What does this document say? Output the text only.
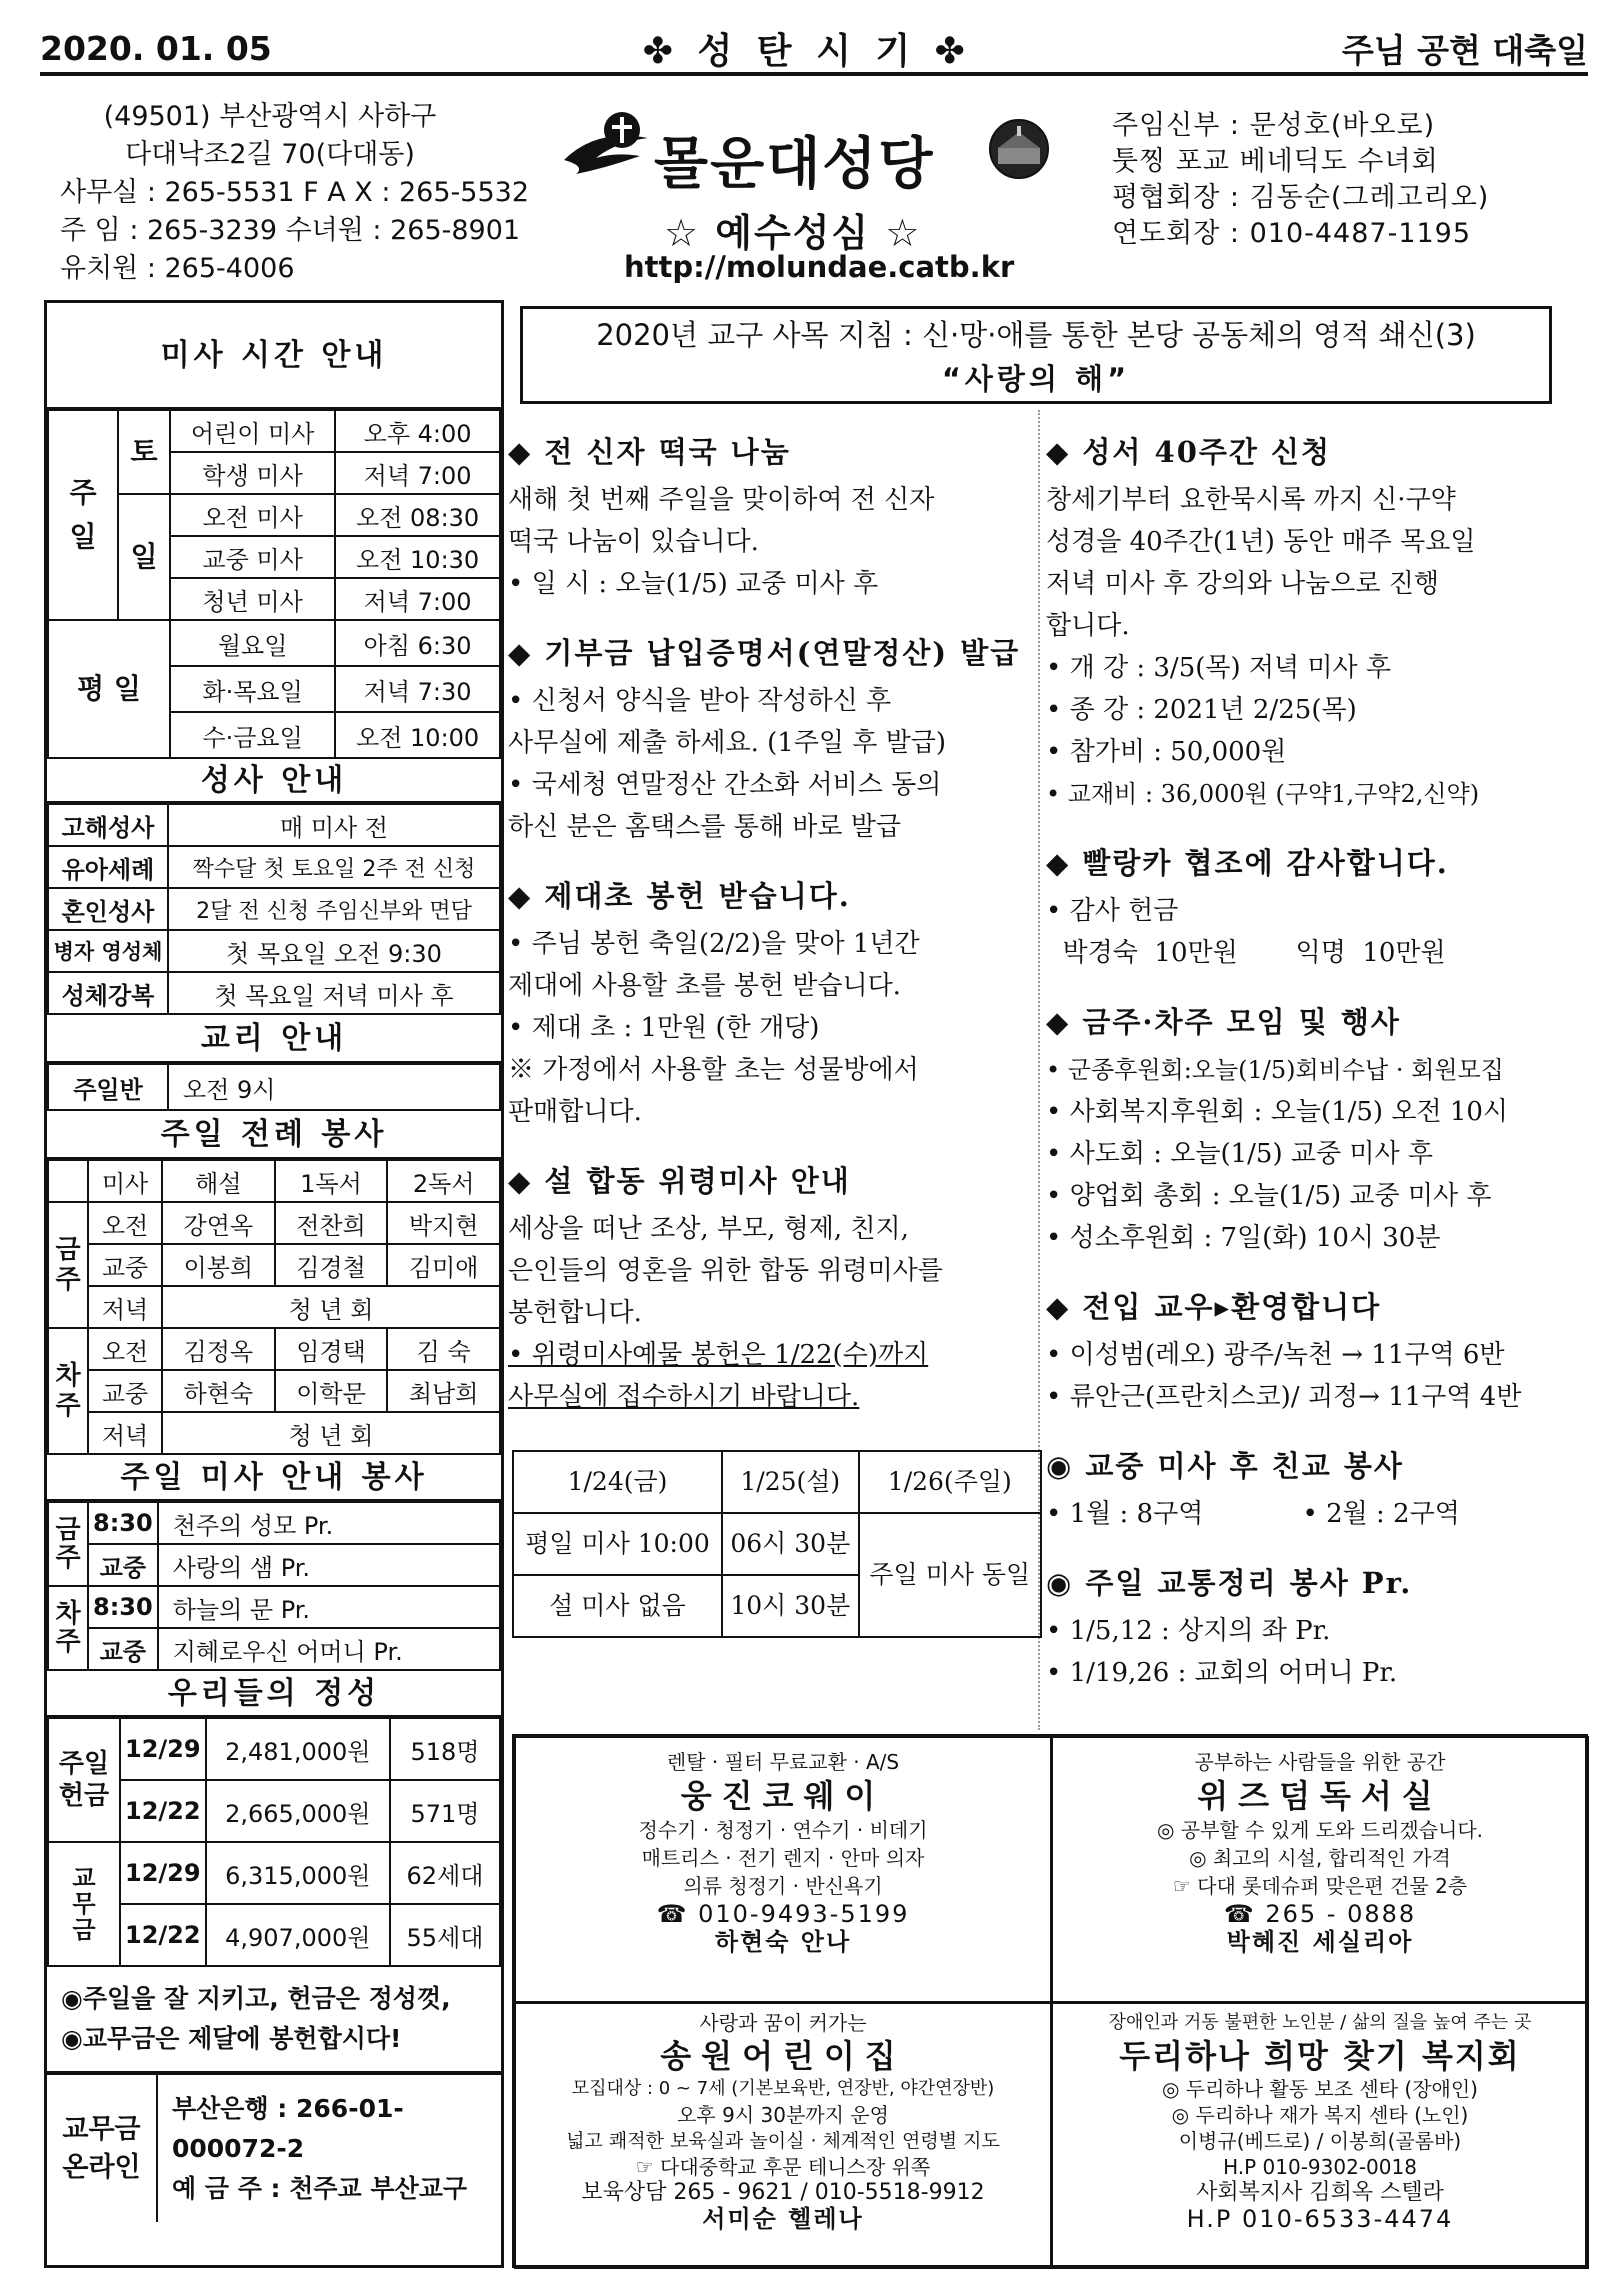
2020. 01. 05	✤ 성 탄 시 기 ✤	주님 공현 대축일
(49501) 부산광역시 사하구
다대낙조2길 70(다대동)
사무실 : 265-5531 F A X : 265-5532
주 임 : 265-3239 수녀원 : 265-8901
유치원 : 265-4006
몰운대성당
☆ 예수성심 ☆
http://molundae.catb.kr
주임신부 : 문성호(바오로)
툿찡 포교 베네딕도 수녀회
평협회장 : 김동순(그레고리오)
연도회장 : 010-4487-1195
미사 시간 안내
주 일	토	어린이 미사	오후 4:00
		학생 미사	저녁 7:00
	일	오전 미사	오전 08:30
		교중 미사	오전 10:30
		청년 미사	저녁 7:00
평 일		월요일	아침 6:30
		화·목요일	저녁 7:30
		수·금요일	오전 10:00
성사 안내
고해성사	매 미사 전
유아세례	짝수달 첫 토요일 2주 전 신청
혼인성사	2달 전 신청 주임신부와 면담
병자 영성체	첫 목요일 오전 9:30
성체강복	첫 목요일 저녁 미사 후
교리 안내
주일반	오전 9시
주일 전례 봉사
	미사	해설	1독서	2독서
금주	오전	강연옥	전찬희	박지현
	교중	이봉희	김경철	김미애
	저녁	청 년 회		
차주	오전	김정옥	임경택	김 숙
	교중	하현숙	이학문	최남희
	저녁	청 년 회		
주일 미사 안내 봉사
금주	8:30	천주의 성모 Pr.
	교중	사랑의 샘 Pr.
차주	8:30	하늘의 문 Pr.
	교중	지혜로우신 어머니 Pr.
우리들의 정성
주일
헌금	12/29	2,481,000원	518명
	12/22	2,665,000원	571명
교
무
금	12/29	6,315,000원	62세대
	12/22	4,907,000원	55세대
◉주일을 잘 지키고, 헌금은 정성껏,
◉교무금은 제달에 봉헌합시다!
교무금
온라인	
부산은행 : 266-01-000072-2
예 금 주 : 천주교 부산교구
2020년 교구 사목 지침 : 신·망·애를 통한 본당 공동체의 영적 쇄신(3)
“사랑의 해”
◆ 전 신자 떡국 나눔
새해 첫 번째 주일을 맞이하여 전 신자
떡국 나눔이 있습니다.
• 일 시 : 오늘(1/5) 교중 미사 후
◆ 기부금 납입증명서(연말정산) 발급
• 신청서 양식을 받아 작성하신 후
사무실에 제출 하세요. (1주일 후 발급)
• 국세청 연말정산 간소화 서비스 동의
하신 분은 홈택스를 통해 바로 발급
◆ 제대초 봉헌 받습니다.
• 주님 봉헌 축일(2/2)을 맞아 1년간
제대에 사용할 초를 봉헌 받습니다.
• 제대 초 : 1만원 (한 개당)
※ 가정에서 사용할 초는 성물방에서
판매합니다.
◆ 설 합동 위령미사 안내
세상을 떠난 조상, 부모, 형제, 친지,
은인들의 영혼을 위한 합동 위령미사를
봉헌합니다.
• 위령미사예물 봉헌은 1/22(수)까지
사무실에 접수하시기 바랍니다.
1/24(금)	1/25(설)	1/26(주일)
평일 미사 10:00	06시 30분	주일 미사 동일
설 미사 없음	10시 30분	
◆ 성서 40주간 신청
창세기부터 요한묵시록 까지 신·구약
성경을 40주간(1년) 동안 매주 목요일
저녁 미사 후 강의와 나눔으로 진행
합니다.
• 개 강 : 3/5(목) 저녁 미사 후
• 종 강 : 2021년 2/25(목)
• 참가비 : 50,000원
• 교재비 : 36,000원 (구약1,구약2,신약)
◆ 빨랑카 협조에 감사합니다.
• 감사 헌금
박경숙  10만원       익명  10만원
◆ 금주·차주 모임 및 행사
• 군종후원회:오늘(1/5)회비수납 · 회원모집
• 사회복지후원회 : 오늘(1/5) 오전 10시
• 사도회 : 오늘(1/5) 교중 미사 후
• 양업회 총회 : 오늘(1/5) 교중 미사 후
• 성소후원회 : 7일(화) 10시 30분
◆ 전입 교우▸환영합니다
• 이성범(레오) 광주/녹천 → 11구역 6반
• 류안근(프란치스코)/ 괴정→ 11구역 4반
◉ 교중 미사 후 친교 봉사
• 1월 : 8구역            • 2월 : 2구역
◉ 주일 교통정리 봉사 Pr.
• 1/5,12 : 상지의 좌 Pr.
• 1/19,26 : 교회의 어머니 Pr.
렌탈 · 필터 무료교환 · A/S
웅진코웨이
정수기 · 청정기 · 연수기 · 비데기
매트리스 · 전기 렌지 · 안마 의자
의류 청정기 · 반신욕기
☎ 010-9493-5199
하현숙 안나
공부하는 사람들을 위한 공간
위즈덤독서실
◎ 공부할 수 있게 도와 드리겠습니다.
◎ 최고의 시설, 합리적인 가격
☞ 다대 롯데슈퍼 맞은편 건물 2층
☎ 265 - 0888
박혜진 세실리아
사랑과 꿈이 커가는
송원어린이집
모집대상 : 0 ~ 7세 (기본보육반, 연장반, 야간연장반)
오후 9시 30분까지 운영
넓고 쾌적한 보육실과 놀이실 · 체계적인 연령별 지도
☞ 다대중학교 후문 테니스장 위쪽
보육상담 265 - 9621 / 010-5518-9912
서미순 헬레나
장애인과 거동 불편한 노인분 / 삶의 질을 높여 주는 곳
두리하나 희망 찾기 복지회
◎ 두리하나 활동 보조 센타 (장애인)
◎ 두리하나 재가 복지 센타 (노인)
이병규(베드로) / 이봉희(골롬바)
H.P 010-9302-0018
사회복지사 김희옥 스텔라
H.P 010-6533-4474
